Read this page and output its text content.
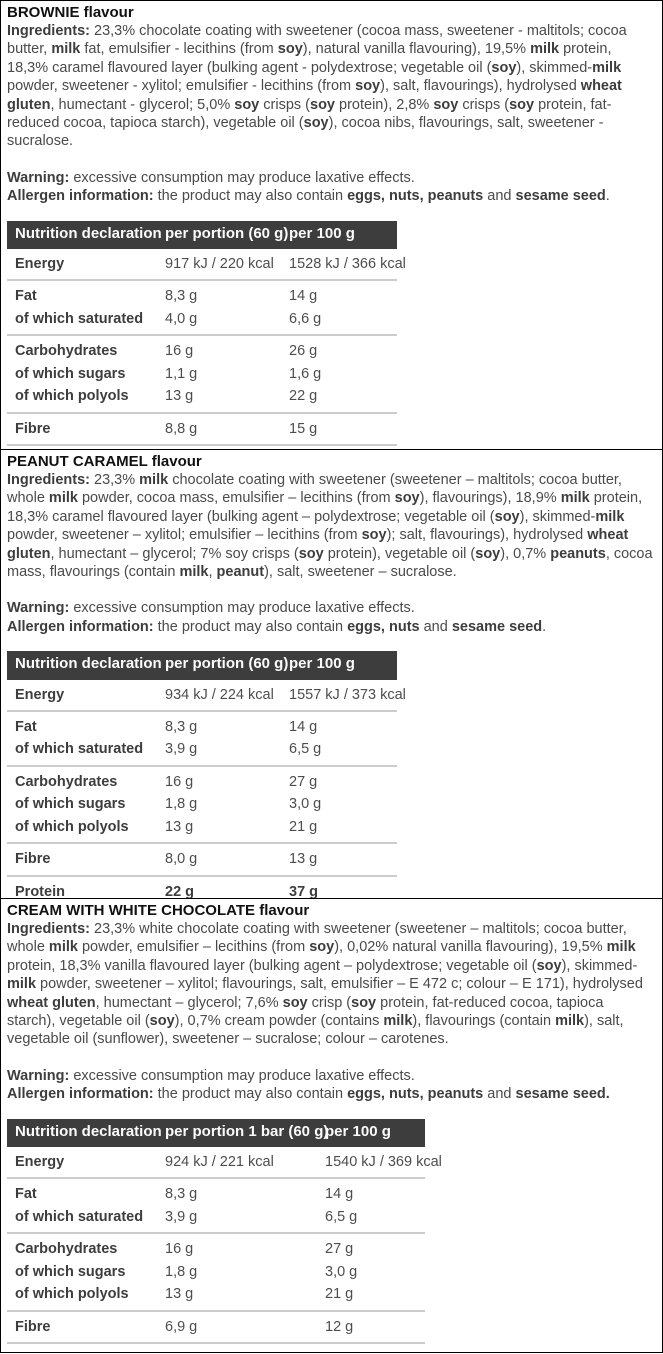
BROWNIE flavour

Ingredients: 23,3% chocolate coating with sweetener (cocoa mass, sweetener - maltitols; cocoa butter, milk fat, emulsifier - lecithins (from soy), natural vanilla flavouring), 19,5% milk protein, 18,3% caramel flavoured layer (bulking agent - polydextrose; vegetable oil (soy), skimmed-milk powder, sweetener - xylitol; emulsifier - lecithins (from soy), salt, flavourings), hydrolysed wheat gluten, humectant - glycerol; 5,0% soy crisps (soy protein), 2,8% soy crisps (soy protein, fat-reduced cocoa, tapioca starch), vegetable oil (soy), cocoa nibs, flavourings, salt, sweetener - sucralose.

Warning: excessive consumption may produce laxative effects.

Allergen information: the product may also contain eggs, nuts, peanuts and sesame seed.

Nutrition declaration	per portion (60 g)	per 100 g
Energy	917 kJ / 220 kcal	1528 kJ / 366 kcal
Fat	8,3 g	14 g
of which saturated	4,0 g	6,6 g
Carbohydrates	16 g	26 g
of which sugars	1,1 g	1,6 g
of which polyols	13 g	22 g
Fibre	8,8 g	15 g

PEANUT CARAMEL flavour

Ingredients: 23,3% milk chocolate coating with sweetener (sweetener – maltitols; cocoa butter, whole milk powder, cocoa mass, emulsifier – lecithins (from soy), flavourings), 18,9% milk protein, 18,3% caramel flavoured layer (bulking agent – polydextrose; vegetable oil (soy), skimmed-milk powder, sweetener – xylitol; emulsifier – lecithins (from soy); salt, flavourings), hydrolysed wheat gluten, humectant – glycerol; 7% soy crisps (soy protein), vegetable oil (soy), 0,7% peanuts, cocoa mass, flavourings (contain milk, peanut), salt, sweetener – sucralose.

Warning: excessive consumption may produce laxative effects.

Allergen information: the product may also contain eggs, nuts and sesame seed.

Nutrition declaration	per portion (60 g)	per 100 g
Energy	934 kJ / 224 kcal	1557 kJ / 373 kcal
Fat	8,3 g	14 g
of which saturated	3,9 g	6,5 g
Carbohydrates	16 g	27 g
of which sugars	1,8 g	3,0 g
of which polyols	13 g	21 g
Fibre	8,0 g	13 g
Protein	22 g	37 g

CREAM WITH WHITE CHOCOLATE flavour

Ingredients: 23,3% white chocolate coating with sweetener (sweetener – maltitols; cocoa butter, whole milk powder, emulsifier – lecithins (from soy), 0,02% natural vanilla flavouring), 19,5% milk protein, 18,3% vanilla flavoured layer (bulking agent – polydextrose; vegetable oil (soy), skimmed-milk powder, sweetener – xylitol; flavourings, salt, emulsifier – E 472 c; colour – E 171), hydrolysed wheat gluten, humectant – glycerol; 7,6% soy crisp (soy protein, fat-reduced cocoa, tapioca starch), vegetable oil (soy), 0,7% cream powder (contains milk), flavourings (contain milk), salt, vegetable oil (sunflower), sweetener – sucralose; colour – carotenes.

Warning: excessive consumption may produce laxative effects.

Allergen information: the product may also contain eggs, nuts, peanuts and sesame seed.

Nutrition declaration	per portion 1 bar (60 g)	per 100 g
Energy	924 kJ / 221 kcal	1540 kJ / 369 kcal
Fat	8,3 g	14 g
of which saturated	3,9 g	6,5 g
Carbohydrates	16 g	27 g
of which sugars	1,8 g	3,0 g
of which polyols	13 g	21 g
Fibre	6,9 g	12 g
